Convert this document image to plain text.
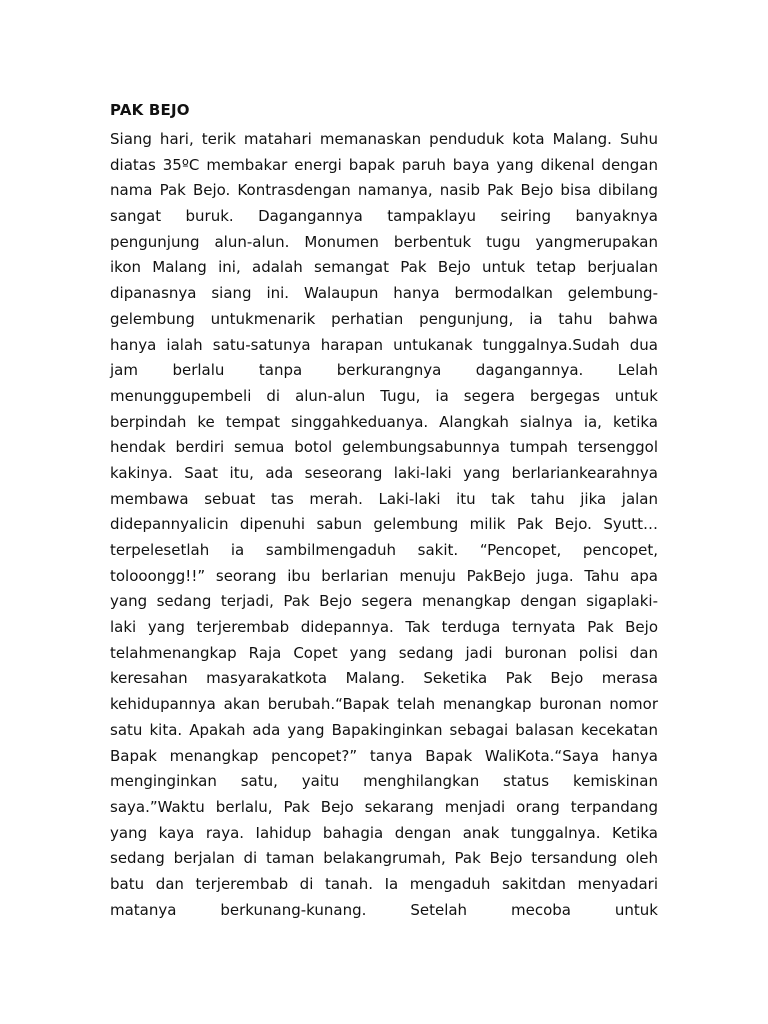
PAK BEJO
Siang hari, terik matahari memanaskan penduduk kota Malang. Suhu
diatas 35ºC membakar energi bapak paruh baya yang dikenal dengan
nama Pak Bejo. Kontrasdengan namanya, nasib Pak Bejo bisa dibilang
sangat buruk. Dagangannya tampaklayu seiring banyaknya
pengunjung alun-alun. Monumen berbentuk tugu yangmerupakan
ikon Malang ini, adalah semangat Pak Bejo untuk tetap berjualan
dipanasnya siang ini. Walaupun hanya bermodalkan gelembung-
gelembung untukmenarik perhatian pengunjung, ia tahu bahwa
hanya ialah satu-satunya harapan untukanak tunggalnya.Sudah dua
jam berlalu tanpa berkurangnya dagangannya. Lelah
menunggupembeli di alun-alun Tugu, ia segera bergegas untuk
berpindah ke tempat singgahkeduanya. Alangkah sialnya ia, ketika
hendak berdiri semua botol gelembungsabunnya tumpah tersenggol
kakinya. Saat itu, ada seseorang laki-laki yang berlariankearahnya
membawa sebuat tas merah. Laki-laki itu tak tahu jika jalan
didepannyalicin dipenuhi sabun gelembung milik Pak Bejo. Syutt…
terpelesetlah ia sambilmengaduh sakit. “Pencopet, pencopet,
tolooongg!!” seorang ibu berlarian menuju PakBejo juga. Tahu apa
yang sedang terjadi, Pak Bejo segera menangkap dengan sigaplaki-
laki yang terjerembab didepannya. Tak terduga ternyata Pak Bejo
telahmenangkap Raja Copet yang sedang jadi buronan polisi dan
keresahan masyarakatkota Malang. Seketika Pak Bejo merasa
kehidupannya akan berubah.“Bapak telah menangkap buronan nomor
satu kita. Apakah ada yang Bapakinginkan sebagai balasan kecekatan
Bapak menangkap pencopet?” tanya Bapak WaliKota.“Saya hanya
menginginkan satu, yaitu menghilangkan status kemiskinan
saya.”Waktu berlalu, Pak Bejo sekarang menjadi orang terpandang
yang kaya raya. Iahidup bahagia dengan anak tunggalnya. Ketika
sedang berjalan di taman belakangrumah, Pak Bejo tersandung oleh
batu dan terjerembab di tanah. Ia mengaduh sakitdan menyadari
matanya berkunang-kunang. Setelah mecoba untuk
